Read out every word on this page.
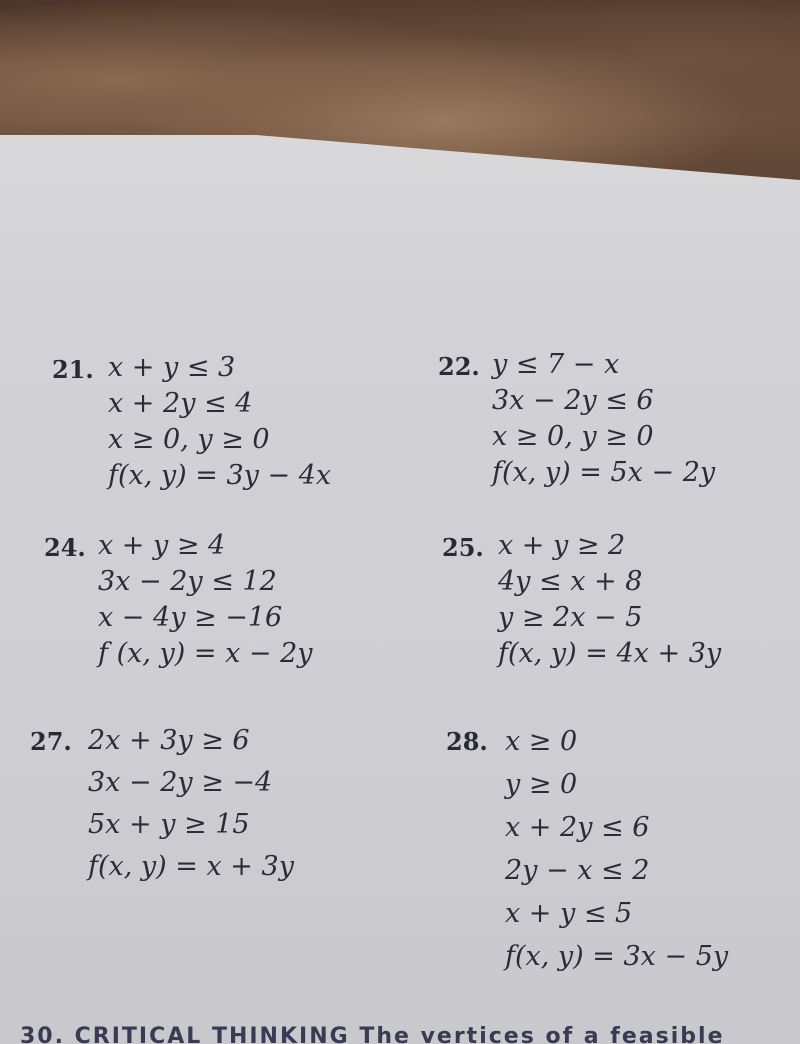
21. x + y ≤ 3
x + 2y ≤ 4
x ≥ 0, y ≥ 0
f(x, y) = 3y − 4x
22. y ≤ 7 − x
3x − 2y ≤ 6
x ≥ 0, y ≥ 0
f(x, y) = 5x − 2y
24. x + y ≥ 4
3x − 2y ≤ 12
x − 4y ≥ −16
f (x, y) = x − 2y
25. x + y ≥ 2
4y ≤ x + 8
y ≥ 2x − 5
f(x, y) = 4x + 3y
27. 2x + 3y ≥ 6
3x − 2y ≥ −4
5x + y ≥ 15
f(x, y) = x + 3y
28. x ≥ 0
y ≥ 0
x + 2y ≤ 6
2y − x ≤ 2
x + y ≤ 5
f(x, y) = 3x − 5y
30. CRITICAL THINKING The vertices of a feasible
